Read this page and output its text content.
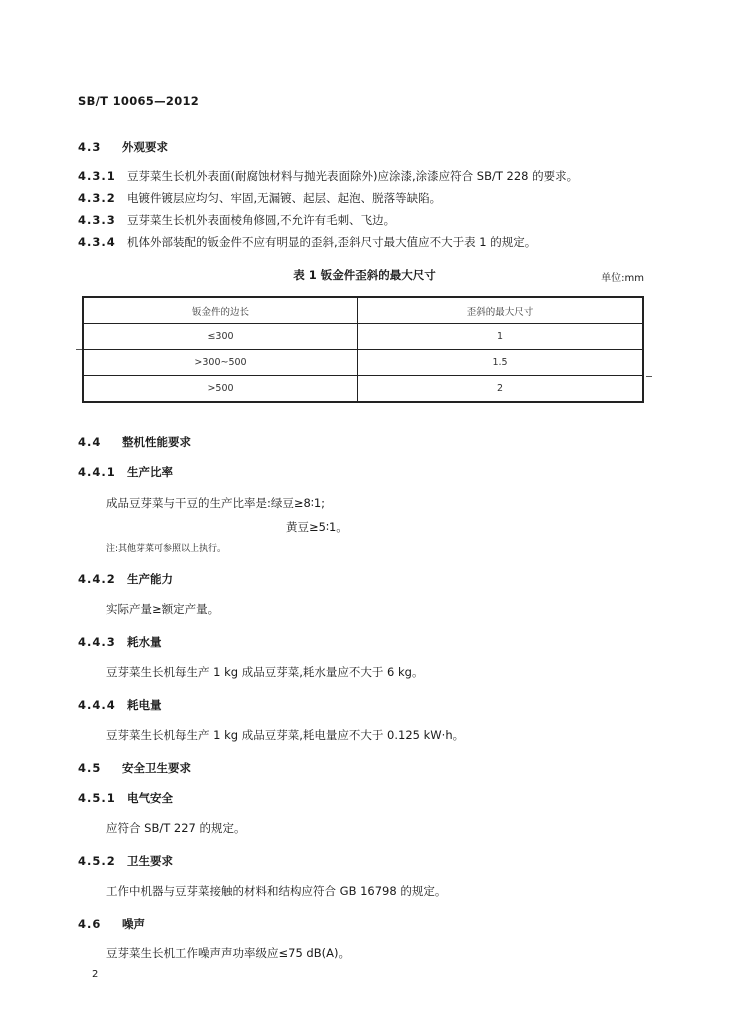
SB/T 10065—2012
4.3 外观要求
4.3.1 豆芽菜生长机外表面(耐腐蚀材料与抛光表面除外)应涂漆,涂漆应符合 SB/T 228 的要求。
4.3.2 电镀件镀层应均匀、牢固,无漏镀、起层、起泡、脱落等缺陷。
4.3.3 豆芽菜生长机外表面棱角修圆,不允许有毛刺、飞边。
4.3.4 机体外部装配的钣金件不应有明显的歪斜,歪斜尺寸最大值应不大于表 1 的规定。
表 1 钣金件歪斜的最大尺寸	单位:mm
钣金件的边长	歪斜的最大尺寸
≤300	1
>300~500	1.5
>500	2
4.4 整机性能要求
4.4.1 生产比率
成品豆芽菜与干豆的生产比率是:绿豆≥8∶1;
黄豆≥5∶1。
注:其他芽菜可参照以上执行。
4.4.2 生产能力
实际产量≥额定产量。
4.4.3 耗水量
豆芽菜生长机每生产 1 kg 成品豆芽菜,耗水量应不大于 6 kg。
4.4.4 耗电量
豆芽菜生长机每生产 1 kg 成品豆芽菜,耗电量应不大于 0.125 kW·h。
4.5 安全卫生要求
4.5.1 电气安全
应符合 SB/T 227 的规定。
4.5.2 卫生要求
工作中机器与豆芽菜接触的材料和结构应符合 GB 16798 的规定。
4.6 噪声
豆芽菜生长机工作噪声声功率级应≤75 dB(A)。
2
